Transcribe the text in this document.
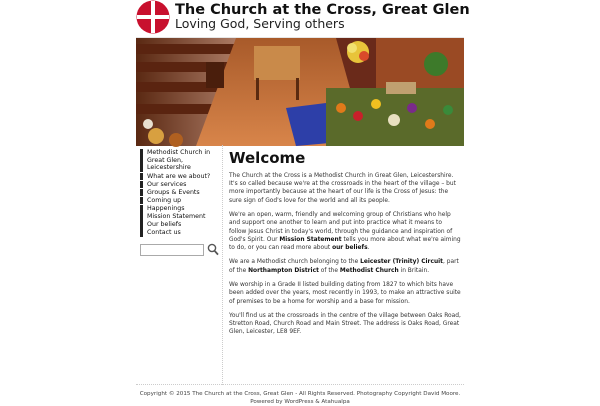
The Church at the Cross, Great Glen
Loving God, Serving others
Methodist Church in Great Glen, Leicestershire
What are we about?
Our services
Groups & Events
Coming up
Happenings
Mission Statement
Our beliefs
Contact us
Welcome

The Church at the Cross is a Methodist Church in Great Glen, Leicestershire. It's so called because we're at the crossroads in the heart of the village – but more importantly because at the heart of our life is the Cross of Jesus: the sure sign of God's love for the world and all its people.

We're an open, warm, friendly and welcoming group of Christians who help and support one another to learn and put into practice what it means to follow Jesus Christ in today's world, through the guidance and inspiration of God's Spirit. Our Mission Statement tells you more about what we're aiming to do, or you can read more about our beliefs.

We are a Methodist church belonging to the Leicester (Trinity) Circuit, part of the Northampton District of the Methodist Church in Britain.

We worship in a Grade II listed building dating from 1827 to which bits have been added over the years, most recently in 1993, to make an attractive suite of premises to be a home for worship and a base for mission.

You'll find us at the crossroads in the centre of the village between Oaks Road, Stretton Road, Church Road and Main Street. The address is Oaks Road, Great Glen, Leicester, LE8 9EF.

Copyright © 2015 The Church at the Cross, Great Glen - All Rights Reserved. Photography Copyright David Moore.
Powered by WordPress & Atahualpa
